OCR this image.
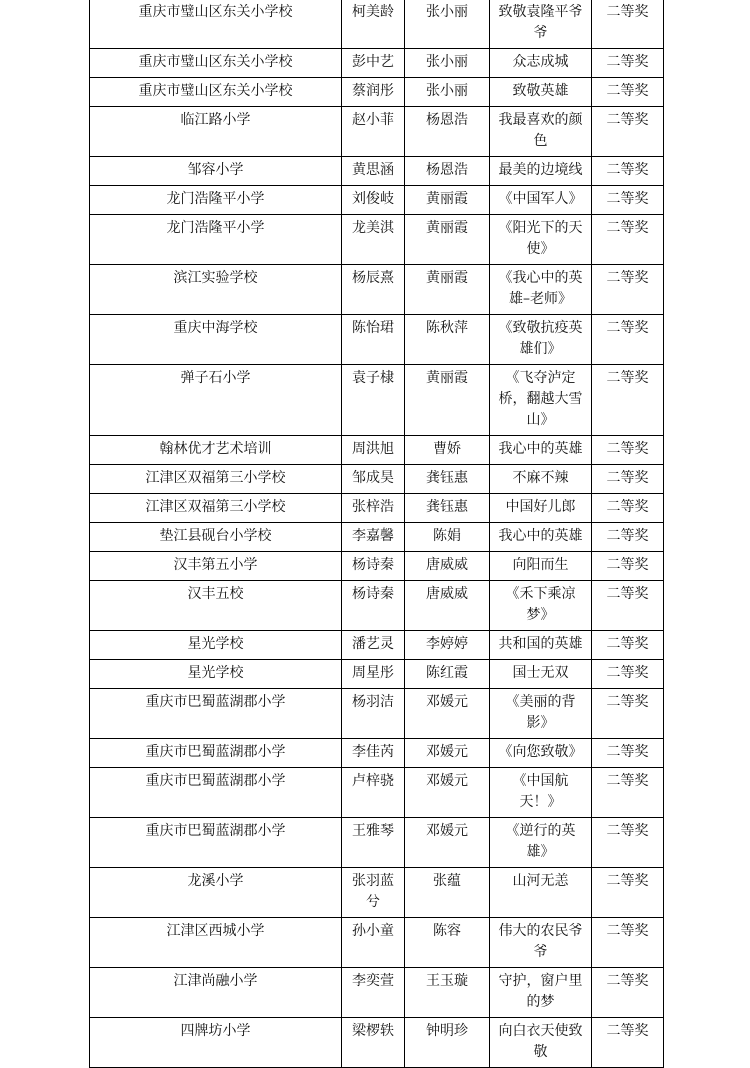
重庆市璧山区东关小学校	柯美龄	张小丽	致敬袁隆平爷爷	二等奖
重庆市璧山区东关小学校	彭中艺	张小丽	众志成城	二等奖
重庆市璧山区东关小学校	蔡润彤	张小丽	致敬英雄	二等奖
临江路小学	赵小菲	杨恩浩	我最喜欢的颜色	二等奖
邹容小学	黄思涵	杨恩浩	最美的边境线	二等奖
龙门浩隆平小学	刘俊岐	黄丽霞	《中国军人》	二等奖
龙门浩隆平小学	龙美淇	黄丽霞	《阳光下的天使》	二等奖
滨江实验学校	杨辰熹	黄丽霞	《我心中的英雄–老师》	二等奖
重庆中海学校	陈怡珺	陈秋萍	《致敬抗疫英雄们》	二等奖
弹子石小学	袁子棣	黄丽霞	《飞夺泸定桥，翻越大雪山》	二等奖
翰林优才艺术培训	周洪旭	曹娇	我心中的英雄	二等奖
江津区双福第三小学校	邹成昊	龚钰惠	不麻不辣	二等奖
江津区双福第三小学校	张梓浩	龚钰惠	中国好儿郎	二等奖
垫江县砚台小学校	李嘉馨	陈娟	我心中的英雄	二等奖
汉丰第五小学	杨诗秦	唐威威	向阳而生	二等奖
汉丰五校	杨诗秦	唐威威	《禾下乘凉梦》	二等奖
星光学校	潘艺灵	李婷婷	共和国的英雄	二等奖
星光学校	周星彤	陈红霞	国士无双	二等奖
重庆市巴蜀蓝湖郡小学	杨羽洁	邓媛元	《美丽的背影》	二等奖
重庆市巴蜀蓝湖郡小学	李佳芮	邓媛元	《向您致敬》	二等奖
重庆市巴蜀蓝湖郡小学	卢梓骁	邓媛元	《中国航天！》	二等奖
重庆市巴蜀蓝湖郡小学	王雅琴	邓媛元	《逆行的英雄》	二等奖
龙溪小学	张羽蓝兮	张蕴	山河无恙	二等奖
江津区西城小学	孙小童	陈容	伟大的农民爷爷	二等奖
江津尚融小学	李奕萱	王玉璇	守护，窗户里的梦	二等奖
四牌坊小学	梁椤轶	钟明珍	向白衣天使致敬	二等奖
